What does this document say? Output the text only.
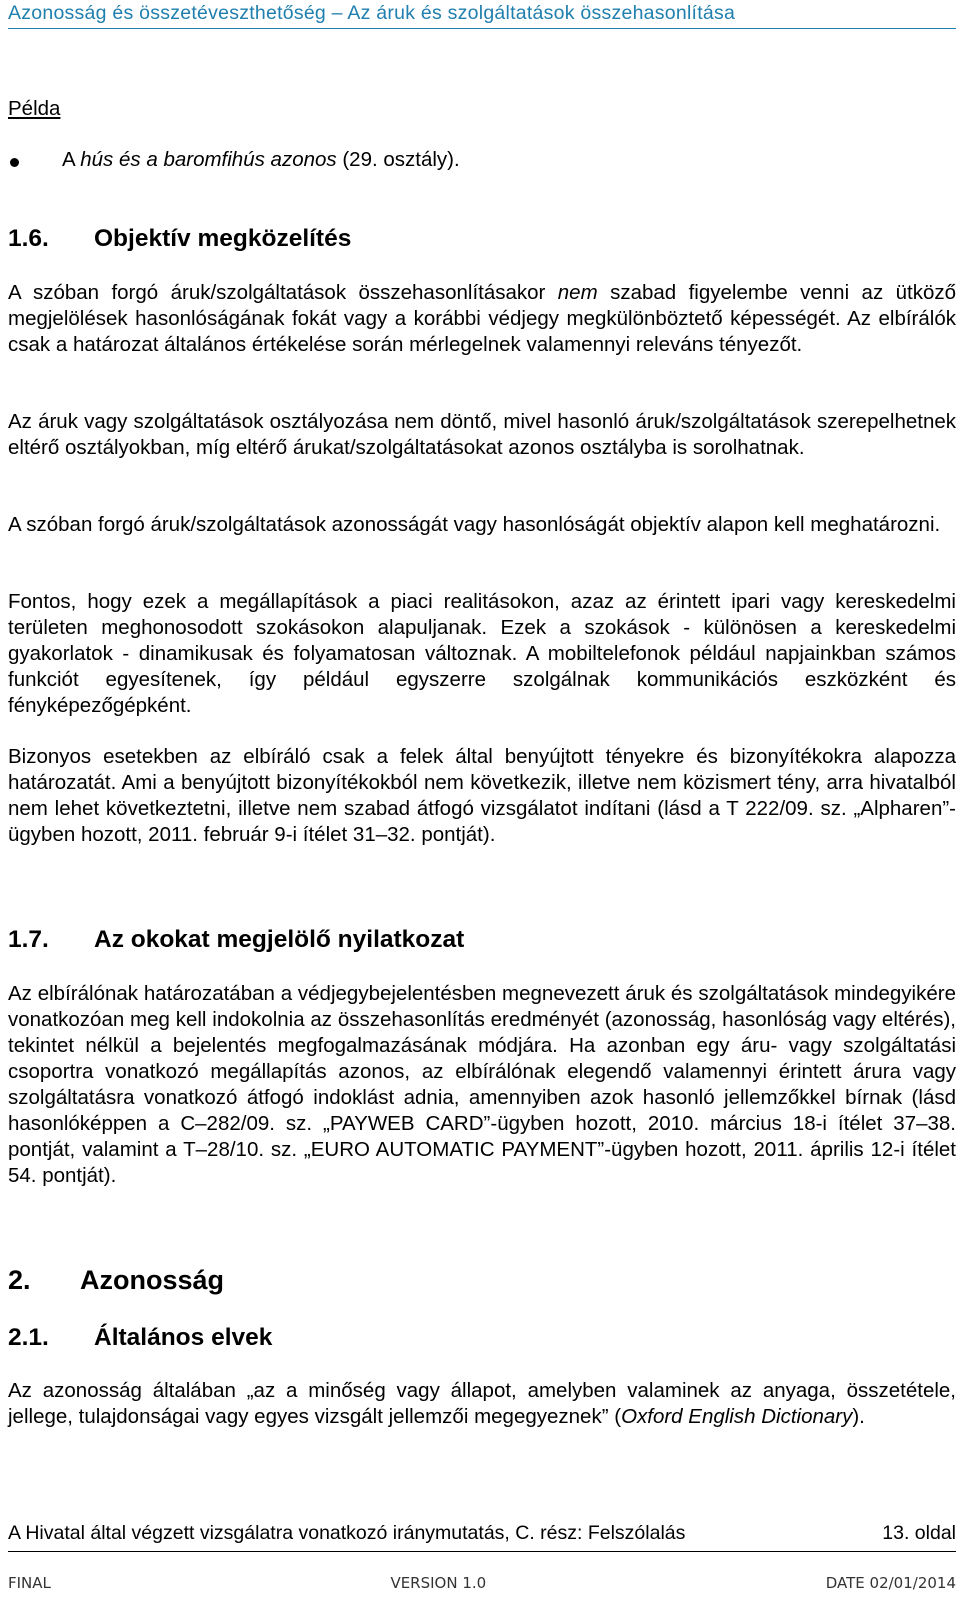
Azonosság és összetéveszthetőség – Az áruk és szolgáltatások összehasonlítása
Példa
A hús és a baromfihús azonos (29. osztály).
1.6. Objektív megközelítés
A szóban forgó áruk/szolgáltatások összehasonlításakor nem szabad figyelembe venni az ütköző megjelölések hasonlóságának fokát vagy a korábbi védjegy megkülönböztető képességét. Az elbírálók csak a határozat általános értékelése során mérlegelnek valamennyi releváns tényezőt.
Az áruk vagy szolgáltatások osztályozása nem döntő, mivel hasonló áruk/szolgáltatások szerepelhetnek eltérő osztályokban, míg eltérő árukat/szolgáltatásokat azonos osztályba is sorolhatnak.
A szóban forgó áruk/szolgáltatások azonosságát vagy hasonlóságát objektív alapon kell meghatározni.
Fontos, hogy ezek a megállapítások a piaci realitásokon, azaz az érintett ipari vagy kereskedelmi területen meghonosodott szokásokon alapuljanak. Ezek a szokások - különösen a kereskedelmi gyakorlatok - dinamikusak és folyamatosan változnak. A mobiltelefonok például napjainkban számos funkciót egyesítenek, így például egyszerre szolgálnak kommunikációs eszközként és fényképezőgépként.
Bizonyos esetekben az elbíráló csak a felek által benyújtott tényekre és bizonyítékokra alapozza határozatát. Ami a benyújtott bizonyítékokból nem következik, illetve nem közismert tény, arra hivatalból nem lehet következtetni, illetve nem szabad átfogó vizsgálatot indítani (lásd a T 222/09. sz. „Alpharen”-ügyben hozott, 2011. február 9-i ítélet 31–32. pontját).
1.7. Az okokat megjelölő nyilatkozat
Az elbírálónak határozatában a védjegybejelentésben megnevezett áruk és szolgáltatások mindegyikére vonatkozóan meg kell indokolnia az összehasonlítás eredményét (azonosság, hasonlóság vagy eltérés), tekintet nélkül a bejelentés megfogalmazásának módjára. Ha azonban egy áru- vagy szolgáltatási csoportra vonatkozó megállapítás azonos, az elbírálónak elegendő valamennyi érintett árura vagy szolgáltatásra vonatkozó átfogó indoklást adnia, amennyiben azok hasonló jellemzőkkel bírnak (lásd hasonlóképpen a C–282/09. sz. „PAYWEB CARD”-ügyben hozott, 2010. március 18-i ítélet 37–38. pontját, valamint a T–28/10. sz. „EURO AUTOMATIC PAYMENT”-ügyben hozott, 2011. április 12-i ítélet 54. pontját).
2. Azonosság
2.1. Általános elvek
Az azonosság általában „az a minőség vagy állapot, amelyben valaminek az anyaga, összetétele, jellege, tulajdonságai vagy egyes vizsgált jellemzői megegyeznek” (Oxford English Dictionary).
A Hivatal által végzett vizsgálatra vonatkozó iránymutatás, C. rész: Felszólalás	13. oldal
FINAL	VERSION 1.0	DATE 02/01/2014
